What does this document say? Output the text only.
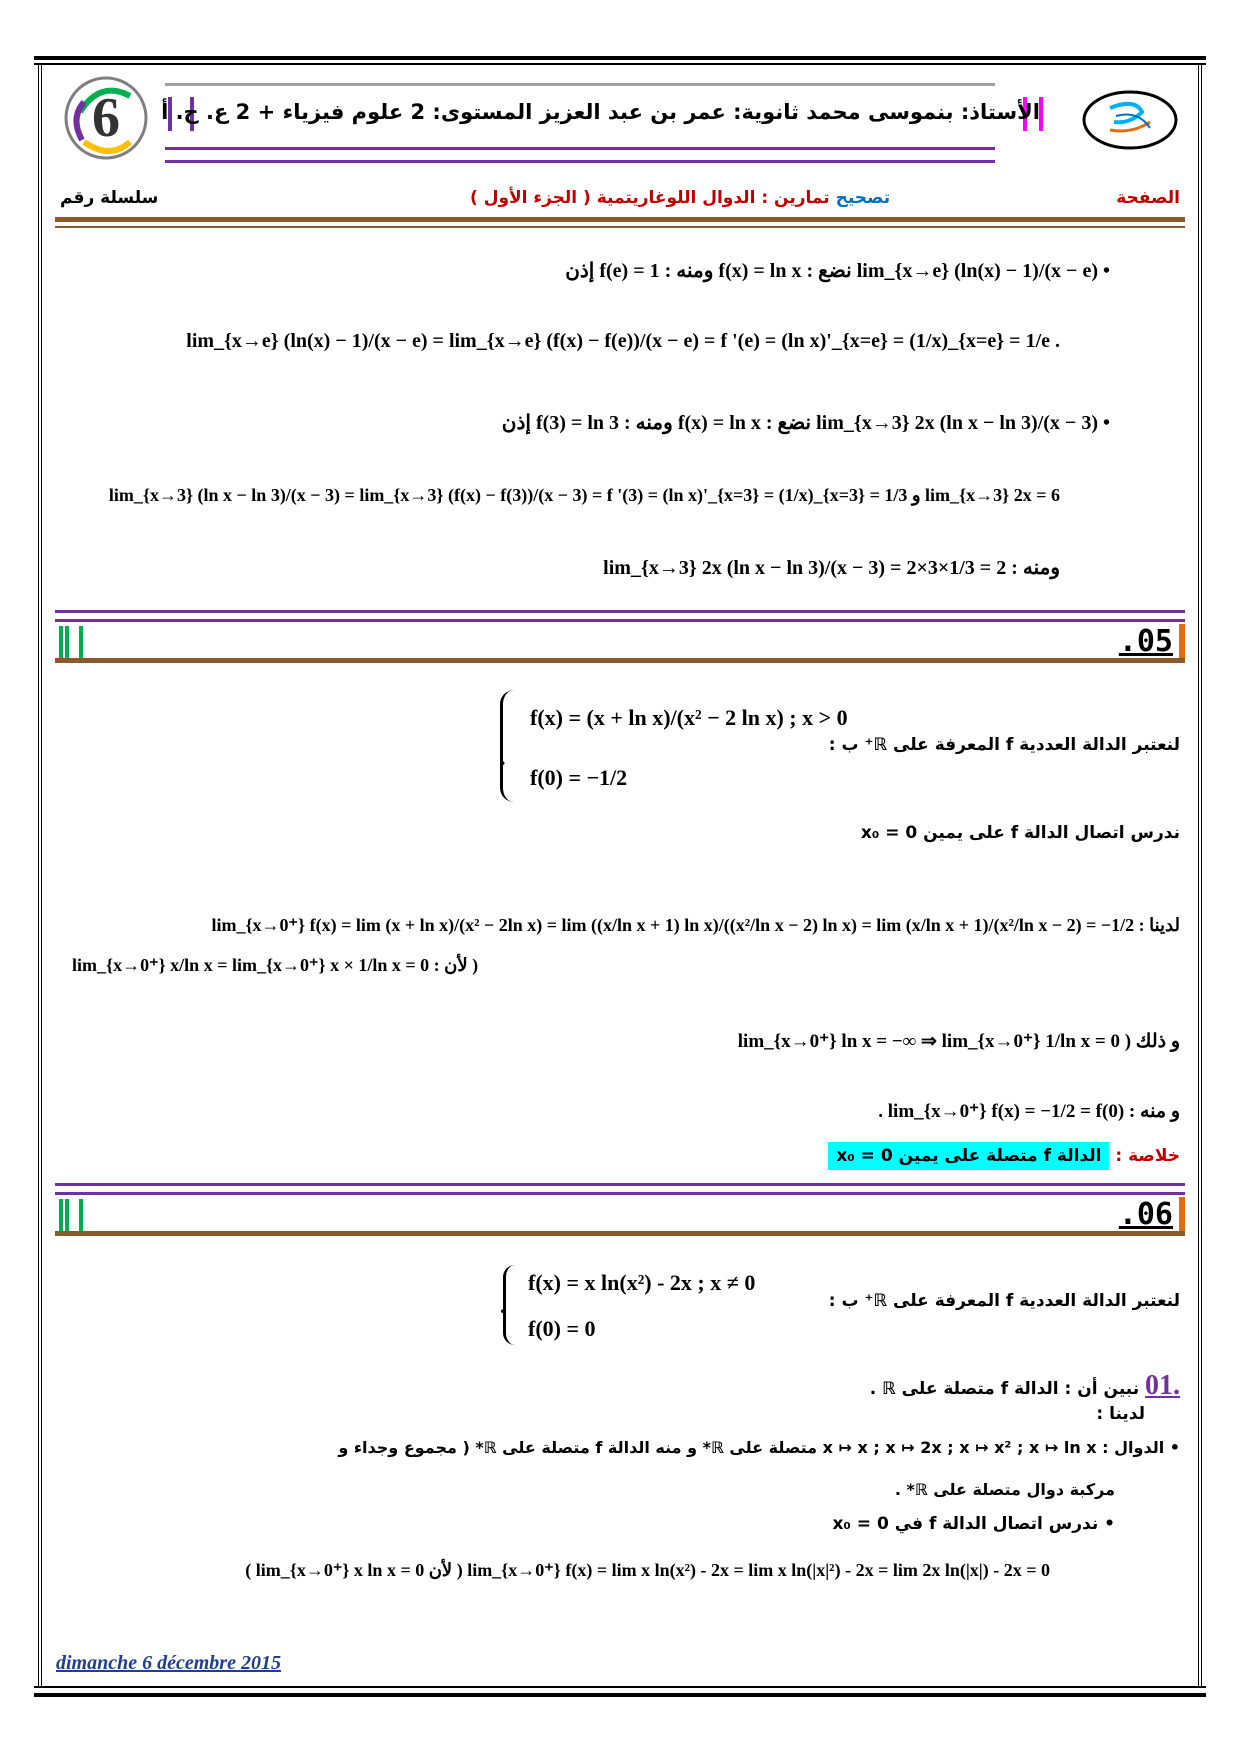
6 الأستاذ: بنموسى محمد ثانوية: عمر بن عبد العزيز المستوى: 2 علوم فيزياء + 2 ع. ح. أ
سلسلة رقم	تصحيح تمارين : الدوال اللوغاريتمية ( الجزء الأول )	الصفحة
• lim_{x→e} (ln(x) − 1)/(x − e) نضع : f(x) = ln x ومنه : f(e) = 1 إذن
. lim_{x→e} (ln(x) − 1)/(x − e) = lim_{x→e} (f(x) − f(e))/(x − e) = f '(e) = (ln x)'_{x=e} = (1/x)_{x=e} = 1/e
• lim_{x→3} 2x (ln x − ln 3)/(x − 3) نضع : f(x) = ln x ومنه : f(3) = ln 3 إذن
lim_{x→3} 2x = 6 و lim_{x→3} (ln x − ln 3)/(x − 3) = lim_{x→3} (f(x) − f(3))/(x − 3) = f '(3) = (ln x)'_{x=3} = (1/x)_{x=3} = 1/3
ومنه : lim_{x→3} 2x (ln x − ln 3)/(x − 3) = 2×3×1/3 = 2
.05
لنعتبر الدالة العددية f المعرفة على ℝ⁺ ب :
f(x) = (x + ln x)/(x² − 2 ln x) ; x > 0
f(0) = −1/2
.
ندرس اتصال الدالة f على يمين x₀ = 0
لدينا : lim_{x→0⁺} f(x) = lim (x + ln x)/(x² − 2ln x) = lim ((x/ln x + 1) ln x)/((x²/ln x − 2) ln x) = lim (x/ln x + 1)/(x²/ln x − 2) = −1/2
( لأن : lim_{x→0⁺} x/ln x = lim_{x→0⁺} x × 1/ln x = 0
و ذلك ( lim_{x→0⁺} ln x = −∞ ⇒ lim_{x→0⁺} 1/ln x = 0
و منه : lim_{x→0⁺} f(x) = −1/2 = f(0) .
خلاصة : الدالة f متصلة على يمين x₀ = 0
.06
لنعتبر الدالة العددية f المعرفة على ℝ⁺ ب :
f(x) = x ln(x²) - 2x ; x ≠ 0
f(0) = 0
.
.01 نبين أن : الدالة f متصلة على ℝ .
لدينا :
• الدوال : x ↦ x ; x ↦ 2x ; x ↦ x² ; x ↦ ln x متصلة على ℝ* و منه الدالة f متصلة على ℝ* ( مجموع وجداء و
مركبة دوال متصلة على ℝ* .
• ندرس اتصال الدالة f في x₀ = 0
lim_{x→0⁺} f(x) = lim x ln(x²) - 2x = lim x ln(|x|²) - 2x = lim 2x ln(|x|) - 2x = 0 ( لأن lim_{x→0⁺} x ln x = 0 )
dimanche 6 décembre 2015
